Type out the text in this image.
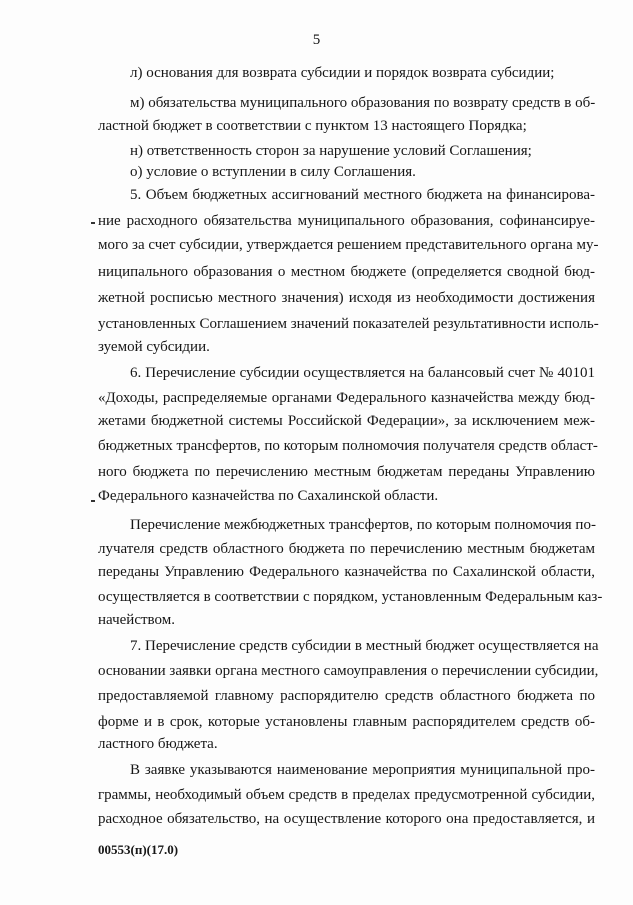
5
л) основания для возврата субсидии и порядок возврата субсидии;
м) обязательства муниципального образования по возврату средств в об-
ластной бюджет в соответствии с пунктом 13 настоящего Порядка;
н) ответственность сторон за нарушение условий Соглашения;
о) условие о вступлении в силу Соглашения.
5. Объем бюджетных ассигнований местного бюджета на финансирова-
ние расходного обязательства муниципального образования, софинансируе-
мого за счет субсидии, утверждается решением представительного органа му-
ниципального образования о местном бюджете (определяется сводной бюд-
жетной росписью местного значения) исходя из необходимости достижения
установленных Соглашением значений показателей результативности исполь-
зуемой субсидии.
6. Перечисление субсидии осуществляется на балансовый счет № 40101
«Доходы, распределяемые органами Федерального казначейства между бюд-
жетами бюджетной системы Российской Федерации», за исключением меж-
бюджетных трансфертов, по которым полномочия получателя средств област-
ного бюджета по перечислению местным бюджетам переданы Управлению
Федерального казначейства по Сахалинской области.
Перечисление межбюджетных трансфертов, по которым полномочия по-
лучателя средств областного бюджета по перечислению местным бюджетам
переданы Управлению Федерального казначейства по Сахалинской области,
осуществляется в соответствии с порядком, установленным Федеральным каз-
начейством.
7. Перечисление средств субсидии в местный бюджет осуществляется на
основании заявки органа местного самоуправления о перечислении субсидии,
предоставляемой главному распорядителю средств областного бюджета по
форме и в срок, которые установлены главным распорядителем средств об-
ластного бюджета.
В заявке указываются наименование мероприятия муниципальной про-
граммы, необходимый объем средств в пределах предусмотренной субсидии,
расходное обязательство, на осуществление которого она предоставляется, и
00553(п)(17.0)
